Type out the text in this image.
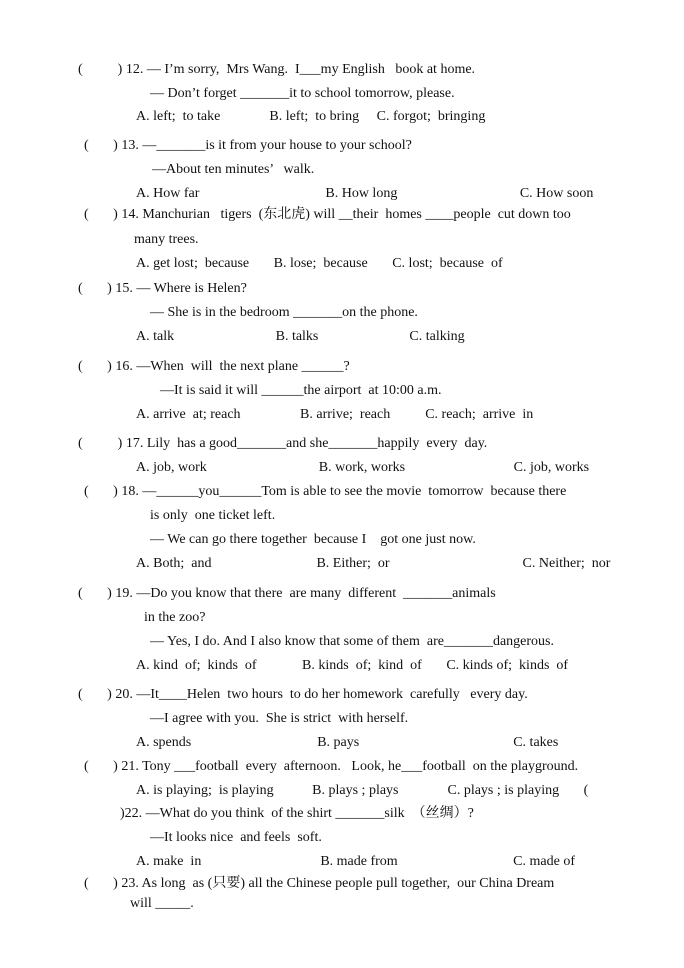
(          ) 12. — I’m sorry,  Mrs Wang.  I___my English   book at home.
— Don’t forget _______it to school tomorrow, please.
A. left;  to take              B. left;  to bring     C. forgot;  bringing
(       ) 13. —_______is it from your house to your school?
—About ten minutes’   walk.
A. How far                                    B. How long                                   C. How soon
(       ) 14. Manchurian   tigers  (东北虎) will __their  homes ____people  cut down too
many trees.
A. get lost;  because       B. lose;  because       C. lost;  because  of
(       ) 15. — Where is Helen?
— She is in the bedroom _______on the phone.
A. talk                             B. talks                          C. talking
(       ) 16. —When  will  the next plane ______?
—It is said it will ______the airport  at 10:00 a.m.
A. arrive  at; reach                 B. arrive;  reach          C. reach;  arrive  in
(          ) 17. Lily  has a good_______and she_______happily  every  day.
A. job, work                                B. work, works                               C. job, works
(       ) 18. —______you______Tom is able to see the movie  tomorrow  because there
is only  one ticket left.
— We can go there together  because I    got one just now.
A. Both;  and                              B. Either;  or                                      C. Neither;  nor
(       ) 19. —Do you know that there  are many  different  _______animals
in the zoo?
— Yes, I do. And I also know that some of them  are_______dangerous.
A. kind  of;  kinds  of             B. kinds  of;  kind  of       C. kinds of;  kinds  of
(       ) 20. —It____Helen  two hours  to do her homework  carefully   every day.
—I agree with you.  She is strict  with herself.
A. spends                                    B. pays                                            C. takes
(       ) 21. Tony ___football  every  afternoon.   Look, he___football  on the playground.
A. is playing;  is playing           B. plays ; plays              C. plays ; is playing       (
)22. —What do you think  of the shirt _______silk  （丝绸）?
—It looks nice  and feels  soft.
A. make  in                                  B. made from                                 C. made of
(       ) 23. As long  as (只要) all the Chinese people pull together,  our China Dream
will _____.
